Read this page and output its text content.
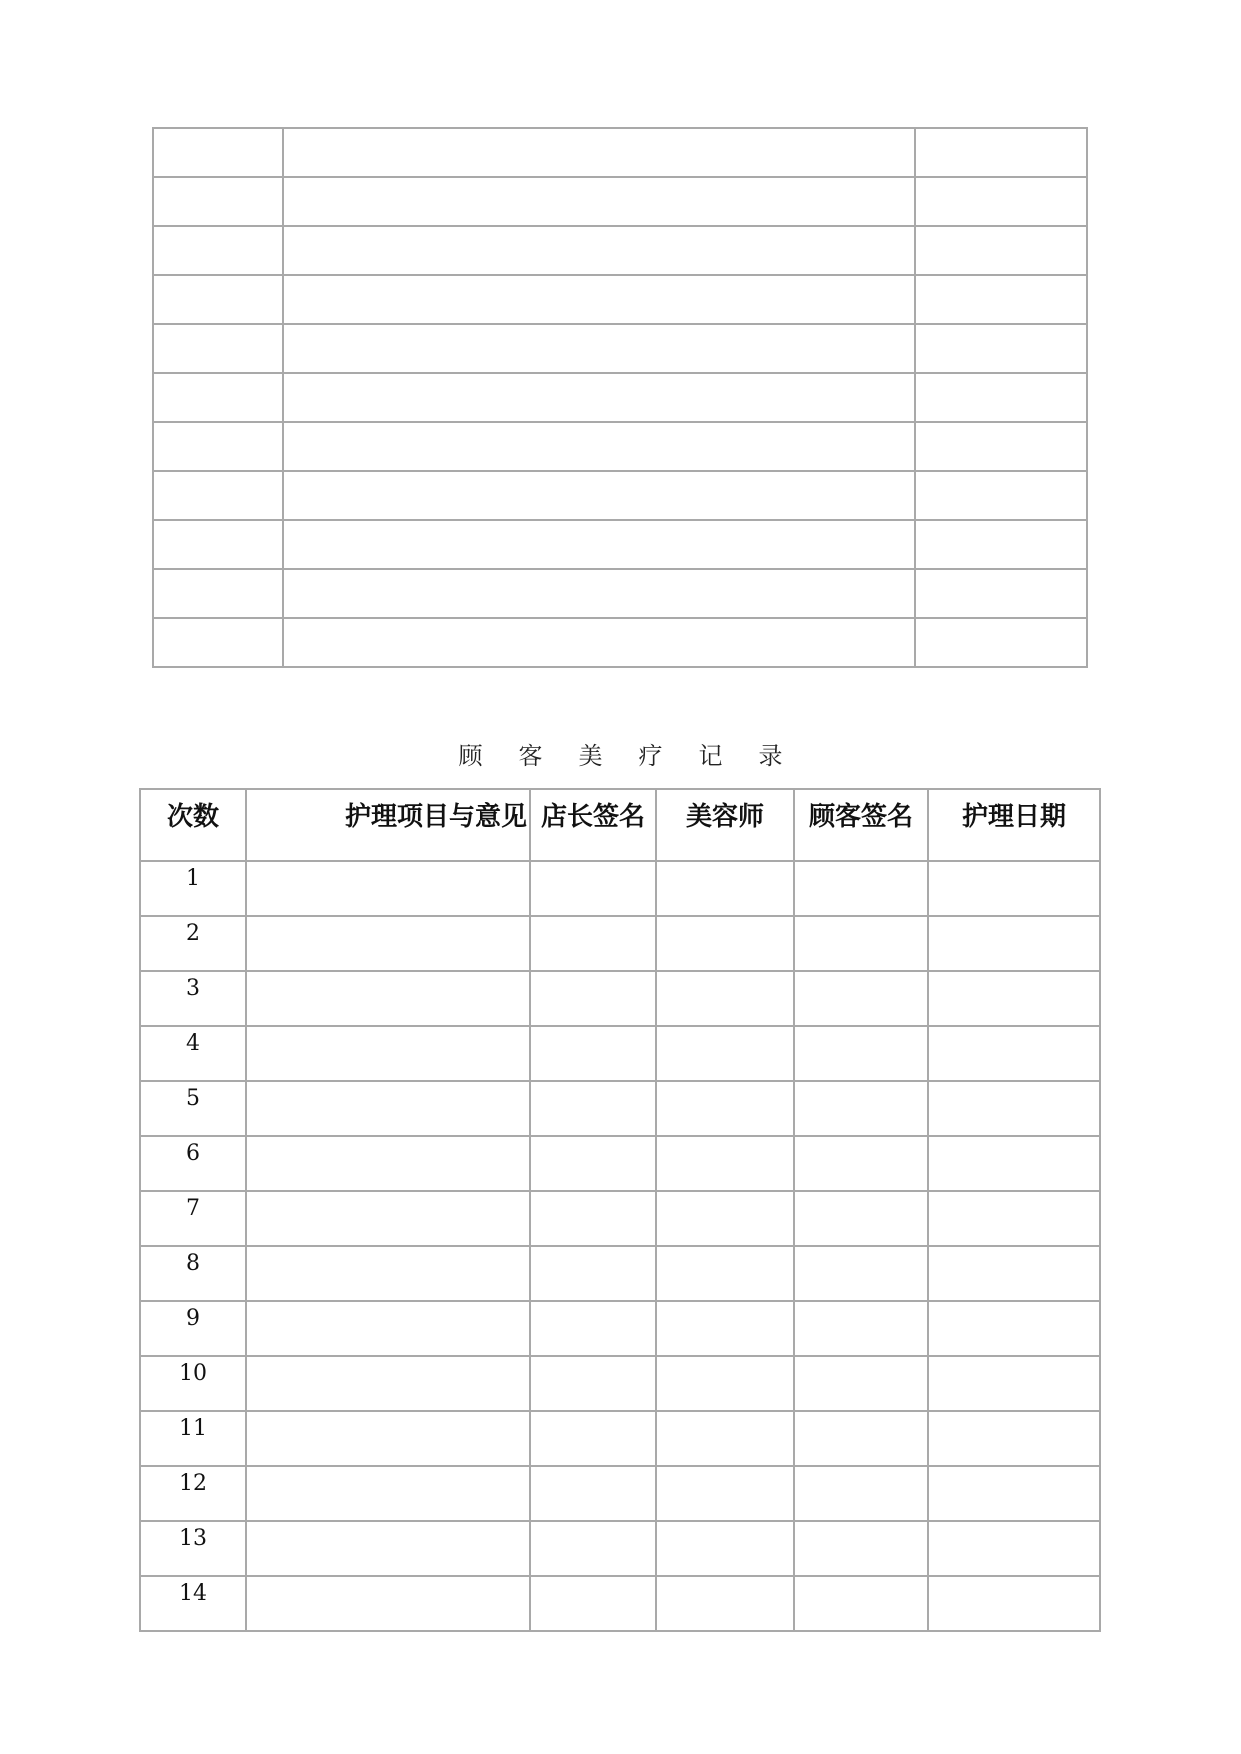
顾 客 美 疗 记 录
次数	护理项目与意见	店长签名	美容师	顾客签名	护理日期
1					
2					
3					
4					
5					
6					
7					
8					
9					
10					
11					
12					
13					
14					
